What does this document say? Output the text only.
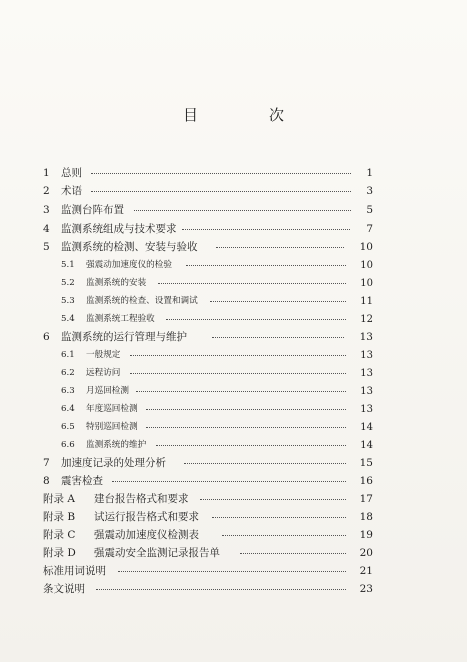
目　次
1 总则	1
2 术语	3
3 监测台阵布置	5
4 监测系统组成与技术要求	7
5 监测系统的检测、安装与验收	10
5.1 强震动加速度仪的检验	10
5.2 监测系统的安装	10
5.3 监测系统的检查、设置和调试	11
5.4 监测系统工程验收	12
6 监测系统的运行管理与维护	13
6.1 一般规定	13
6.2 远程访问	13
6.3 月巡回检测	13
6.4 年度巡回检测	13
6.5 特别巡回检测	14
6.6 监测系统的维护	14
7 加速度记录的处理分析	15
8 震害检查	16
附录 A 建台报告格式和要求	17
附录 B 试运行报告格式和要求	18
附录 C 强震动加速度仪检测表	19
附录 D 强震动安全监测记录报告单	20
标准用词说明	21
条文说明	23
